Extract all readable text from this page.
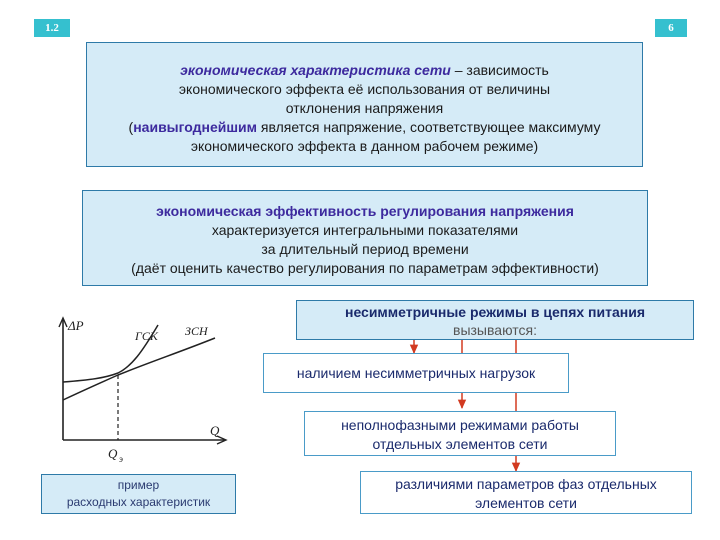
1.2	6

экономическая характеристика сети – зависимость

экономического эффекта её использования от величины

отклонения напряжения

(наивыгоднейшим является напряжение, соответствующее максимуму

экономического эффекта в данном рабочем режиме)

экономическая эффективность регулирования напряжения

характеризуется интегральными показателями

за длительный период времени

(даёт оценить качество регулирования по параметрам эффективности)

несимметричные режимы в цепях питания

вызываются:

наличием несимметричных нагрузок

неполнофазными режимами работы

отдельных элементов сети

различиями параметров фаз отдельных

элементов сети

ΔP
ГСК ЗСН
Q
Q э

пример

расходных характеристик
